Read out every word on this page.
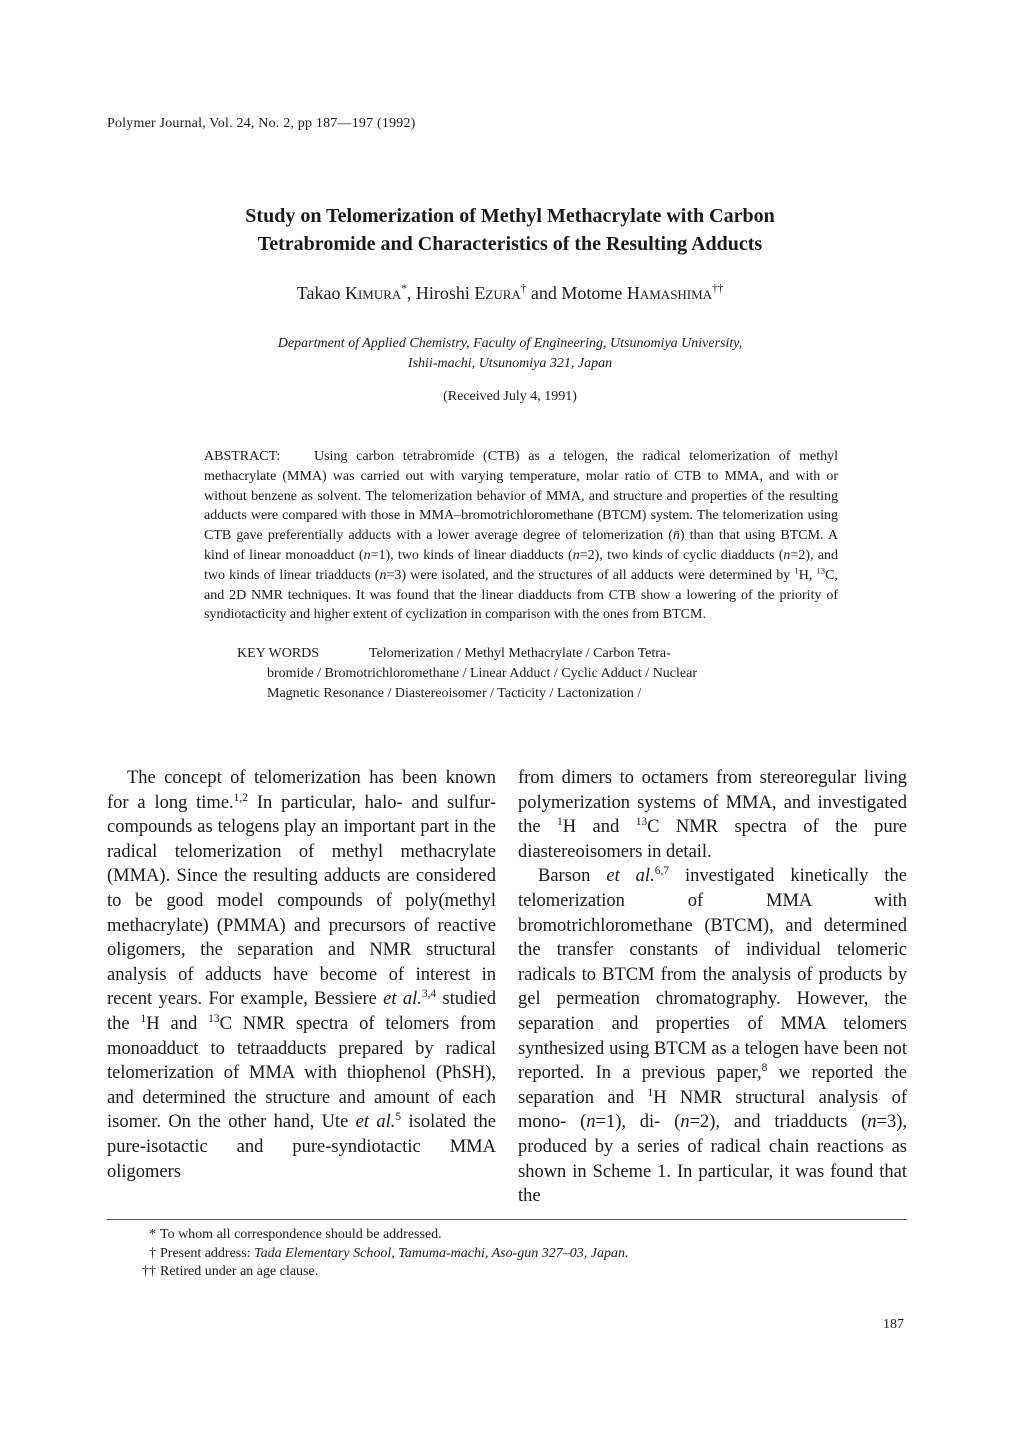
Polymer Journal, Vol. 24, No. 2, pp 187—197 (1992)
Study on Telomerization of Methyl Methacrylate with Carbon
Tetrabromide and Characteristics of the Resulting Adducts
Takao Kimura*, Hiroshi Ezura† and Motome Hamashima††
Department of Applied Chemistry, Faculty of Engineering, Utsunomiya University,
Ishii-machi, Utsunomiya 321, Japan
(Received July 4, 1991)
ABSTRACT: Using carbon tetrabromide (CTB) as a telogen, the radical telomerization of methyl methacrylate (MMA) was carried out with varying temperature, molar ratio of CTB to MMA, and with or without benzene as solvent. The telomerization behavior of MMA, and structure and properties of the resulting adducts were compared with those in MMA–bromotrichloromethane (BTCM) system. The telomerization using CTB gave preferentially adducts with a lower average degree of telomerization (n̄) than that using BTCM. A kind of linear monoadduct (n=1), two kinds of linear diadducts (n=2), two kinds of cyclic diadducts (n=2), and two kinds of linear triadducts (n=3) were isolated, and the structures of all adducts were determined by $^1$H, $^{13}$C, and 2D NMR techniques. It was found that the linear diadducts from CTB show a lowering of the priority of syndiotacticity and higher extent of cyclization in comparison with the ones from BTCM.
KEY WORDS	Telomerization / Methyl Methacrylate / Carbon Tetra-
bromide / Bromotrichloromethane / Linear Adduct / Cyclic Adduct / Nuclear
Magnetic Resonance / Diastereoisomer / Tacticity / Lactonization /

The concept of telomerization has been known for a long time.$^{1,2}$ In particular, halo- and sulfur-compounds as telogens play an important part in the radical telomerization of methyl methacrylate (MMA). Since the resulting adducts are considered to be good model compounds of poly(methyl methacrylate) (PMMA) and precursors of reactive oligomers, the separation and NMR structural analysis of adducts have become of interest in recent years. For example, Bessiere et al.$^{3,4}$ studied the $^1$H and $^{13}$C NMR spectra of telomers from monoadduct to tetraadducts prepared by radical telomerization of MMA with thiophenol (PhSH), and determined the structure and amount of each isomer. On the other hand, Ute et al.$^5$ isolated the pure-isotactic and pure-syndiotactic MMA oligomers

from dimers to octamers from stereoregular living polymerization systems of MMA, and investigated the $^1$H and $^{13}$C NMR spectra of the pure diastereoisomers in detail.

Barson et al.$^{6,7}$ investigated kinetically the telomerization of MMA with bromotrichloromethane (BTCM), and determined the transfer constants of individual telomeric radicals to BTCM from the analysis of products by gel permeation chromatography. However, the separation and properties of MMA telomers synthesized using BTCM as a telogen have been not reported. In a previous paper,$^8$ we reported the separation and $^1$H NMR structural analysis of mono- (n=1), di- (n=2), and triadducts (n=3), produced by a series of radical chain reactions as shown in Scheme 1. In particular, it was found that the

* To whom all correspondence should be addressed.
† Present address: Tada Elementary School, Tamuma-machi, Aso-gun 327–03, Japan.
†† Retired under an age clause.
187
